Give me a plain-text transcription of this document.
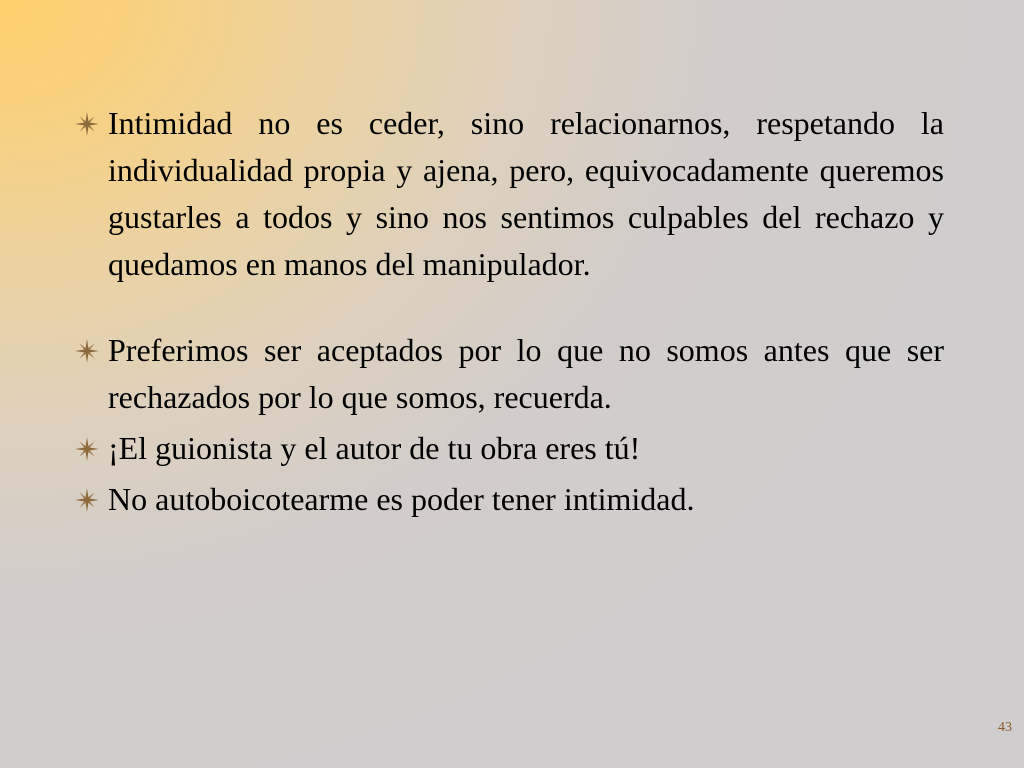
Intimidad no es ceder, sino relacionarnos, respetando la individualidad propia y ajena, pero, equivocadamente queremos gustarles a todos y sino nos sentimos culpables del rechazo y quedamos en manos del manipulador.
Preferimos ser aceptados por lo que no somos antes que ser rechazados por lo que somos, recuerda.
¡El guionista y el autor de tu obra eres tú!
No autoboicotearme es poder tener intimidad.
43
